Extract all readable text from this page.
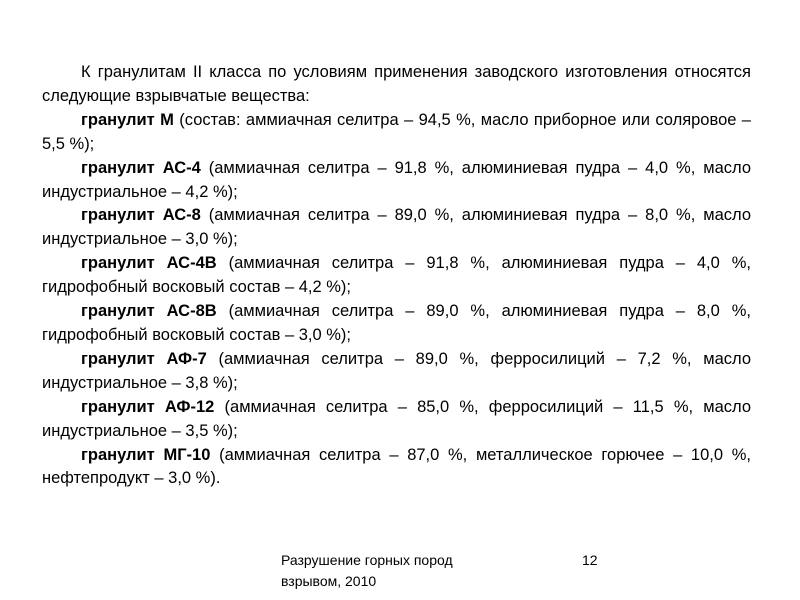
К гранулитам II класса по условиям применения заводского изготовления относятся следующие взрывчатые вещества:

гранулит М (состав: аммиачная селитра – 94,5 %, масло приборное или соляровое – 5,5 %);

гранулит АС-4 (аммиачная селитра – 91,8 %, алюминиевая пудра – 4,0 %, масло индустриальное – 4,2 %);

гранулит АС-8 (аммиачная селитра – 89,0 %, алюминиевая пудра – 8,0 %, масло индустриальное – 3,0 %);

гранулит АС-4В (аммиачная селитра – 91,8 %, алюминиевая пудра – 4,0 %, гидрофобный восковый состав – 4,2 %);

гранулит АС-8В (аммиачная селитра – 89,0 %, алюминиевая пудра – 8,0 %, гидрофобный восковый состав – 3,0 %);

гранулит АФ-7 (аммиачная селитра – 89,0 %, ферросилиций – 7,2 %, масло индустриальное – 3,8 %);

гранулит АФ-12 (аммиачная селитра – 85,0 %, ферросилиций – 11,5 %, масло индустриальное – 3,5 %);

гранулит МГ-10 (аммиачная селитра – 87,0 %, металлическое горючее – 10,0 %, нефтепродукт – 3,0 %).

Разрушение горных пород взрывом, 2010
12
